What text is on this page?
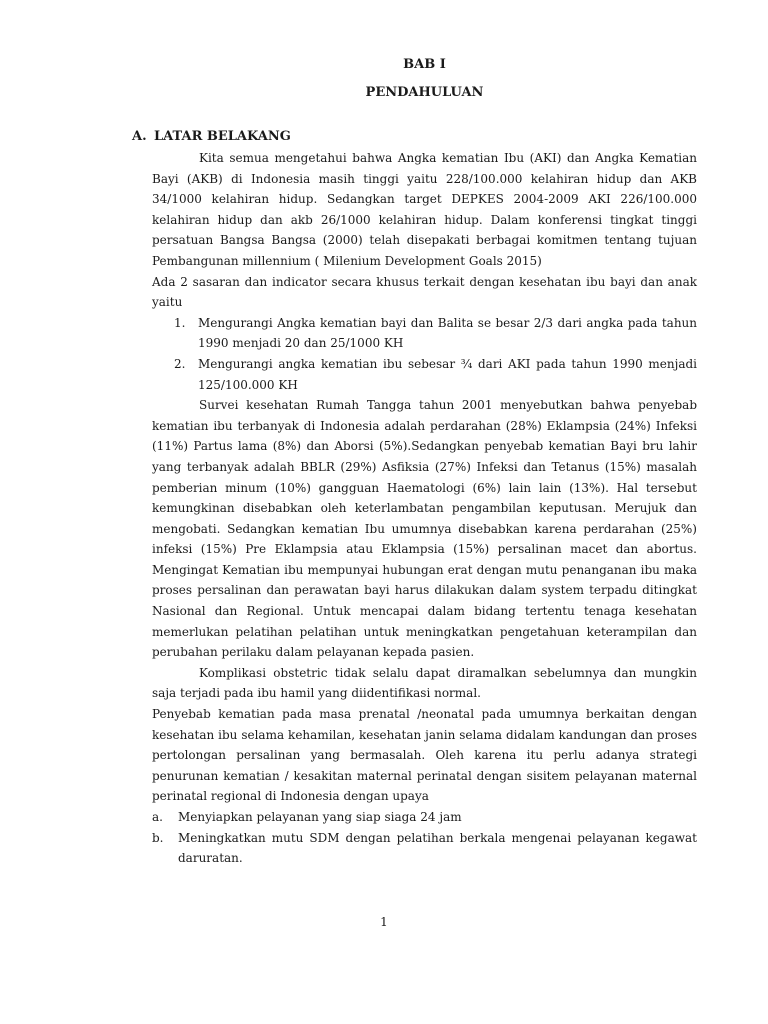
BAB I
PENDAHULUAN
A. LATAR BELAKANG

Kita semua mengetahui bahwa Angka kematian Ibu (AKI) dan Angka Kematian Bayi (AKB) di Indonesia masih tinggi yaitu 228/100.000 kelahiran hidup dan AKB 34/1000 kelahiran hidup. Sedangkan target DEPKES 2004-2009 AKI 226/100.000 kelahiran hidup dan akb 26/1000 kelahiran hidup. Dalam konferensi tingkat tinggi persatuan Bangsa Bangsa (2000) telah disepakati berbagai komitmen tentang tujuan Pembangunan millennium ( Milenium Development Goals 2015)

Ada 2 sasaran dan indicator secara khusus terkait dengan kesehatan ibu bayi dan anak yaitu

1. Mengurangi Angka kematian bayi dan Balita se besar 2/3 dari angka pada tahun 1990 menjadi 20 dan 25/1000 KH
2. Mengurangi angka kematian ibu sebesar ¾ dari AKI pada tahun 1990 menjadi 125/100.000 KH

Survei kesehatan Rumah Tangga tahun 2001 menyebutkan bahwa penyebab kematian ibu terbanyak di Indonesia adalah perdarahan (28%) Eklampsia (24%) Infeksi (11%) Partus lama (8%) dan Aborsi (5%).Sedangkan penyebab kematian Bayi bru lahir yang terbanyak adalah BBLR (29%) Asfiksia (27%) Infeksi dan Tetanus (15%) masalah pemberian minum (10%) gangguan Haematologi (6%) lain lain (13%). Hal tersebut kemungkinan disebabkan oleh keterlambatan pengambilan keputusan. Merujuk dan mengobati. Sedangkan kematian Ibu umumnya disebabkan karena perdarahan (25%) infeksi (15%) Pre Eklampsia atau Eklampsia (15%) persalinan macet dan abortus. Mengingat Kematian ibu mempunyai hubungan erat dengan mutu penanganan ibu maka proses persalinan dan perawatan bayi harus dilakukan dalam system terpadu ditingkat Nasional dan Regional. Untuk mencapai dalam bidang tertentu tenaga kesehatan memerlukan pelatihan pelatihan untuk meningkatkan pengetahuan keterampilan dan perubahan perilaku dalam pelayanan kepada pasien.

Komplikasi obstetric tidak selalu dapat diramalkan sebelumnya dan mungkin saja terjadi pada ibu hamil yang diidentifikasi normal.

Penyebab kematian pada masa prenatal /neonatal pada umumnya berkaitan dengan kesehatan ibu selama kehamilan, kesehatan janin selama didalam kandungan dan proses pertolongan persalinan yang bermasalah. Oleh karena itu perlu adanya strategi penurunan kematian / kesakitan maternal perinatal dengan sisitem pelayanan maternal perinatal regional di Indonesia dengan upaya

a. Menyiapkan pelayanan yang siap siaga 24 jam
b. Meningkatkan mutu SDM dengan pelatihan berkala mengenai pelayanan kegawat daruratan.
1
